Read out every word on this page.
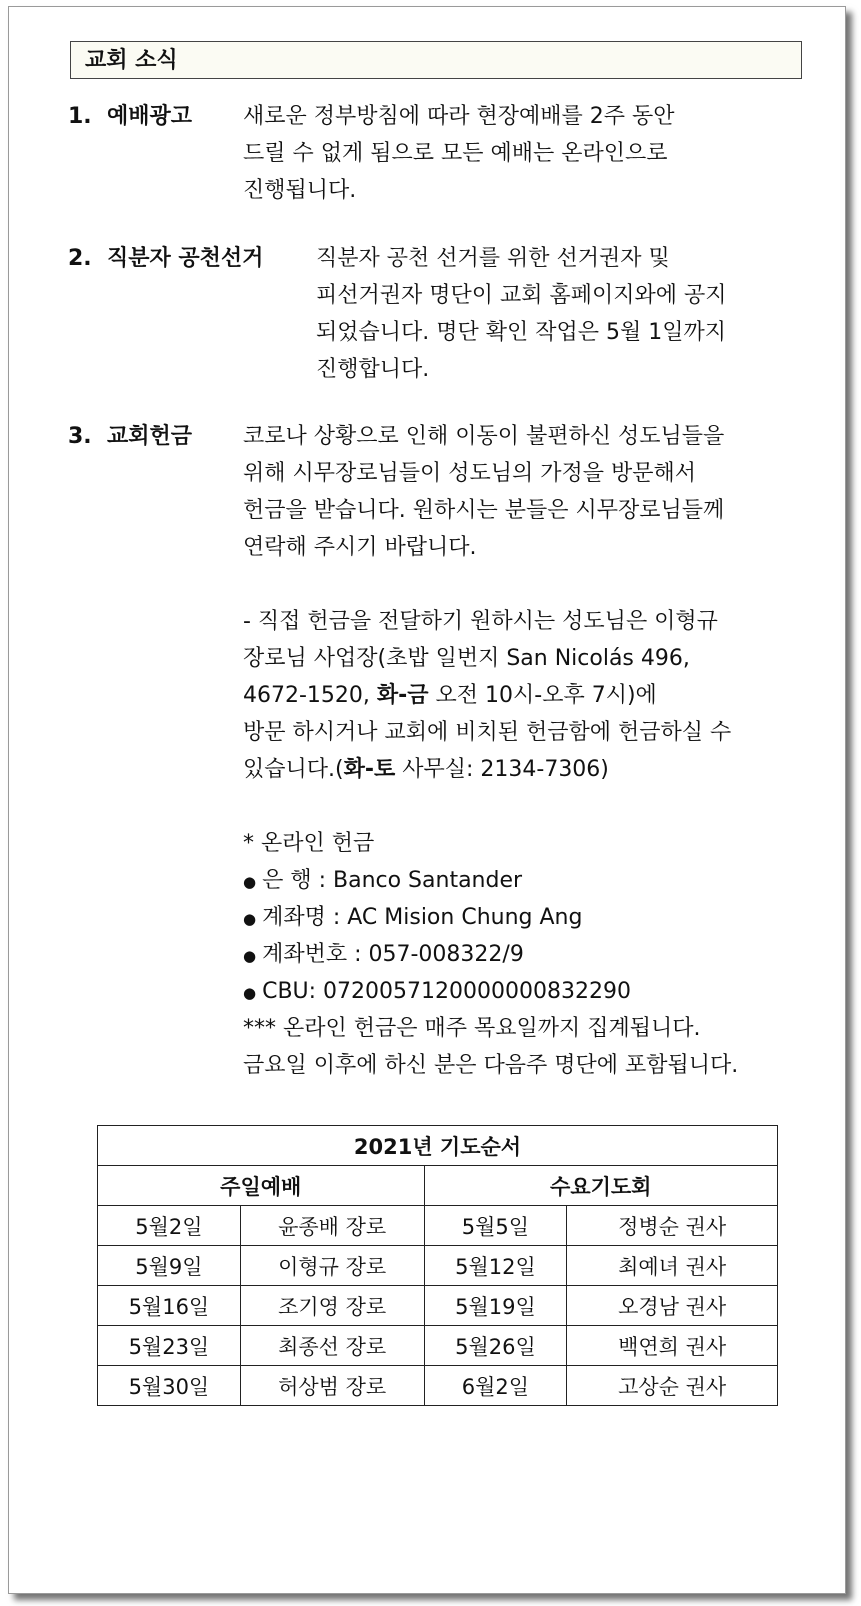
교회 소식
1. 예배광고 새로운 정부방침에 따라 현장예배를 2주 동안
드릴 수 없게 됨으로 모든 예배는 온라인으로
진행됩니다.
2. 직분자 공천선거 직분자 공천 선거를 위한 선거권자 및
피선거권자 명단이 교회 홈페이지와에 공지
되었습니다. 명단 확인 작업은 5월 1일까지
진행합니다.
3. 교회헌금 코로나 상황으로 인해 이동이 불편하신 성도님들을
위해 시무장로님들이 성도님의 가정을 방문해서
헌금을 받습니다. 원하시는 분들은 시무장로님들께
연락해 주시기 바랍니다.
- 직접 헌금을 전달하기 원하시는 성도님은 이형규
장로님 사업장(초밥 일번지 San Nicolás 496,
4672-1520, 화-금 오전 10시-오후 7시)에
방문 하시거나 교회에 비치된 헌금함에 헌금하실 수
있습니다.(화-토 사무실: 2134-7306)
* 온라인 헌금
● 은 행 : Banco Santander
● 계좌명 : AC Mision Chung Ang
● 계좌번호 : 057-008322/9
● CBU: 0720057120000000832290
*** 온라인 헌금은 매주 목요일까지 집계됩니다.
금요일 이후에 하신 분은 다음주 명단에 포함됩니다.
2021년 기도순서			
주일예배		수요기도회	
5월2일	윤종배 장로	5월5일	정병순 권사
5월9일	이형규 장로	5월12일	최예녀 권사
5월16일	조기영 장로	5월19일	오경남 권사
5월23일	최종선 장로	5월26일	백연희 권사
5월30일	허상범 장로	6월2일	고상순 권사
